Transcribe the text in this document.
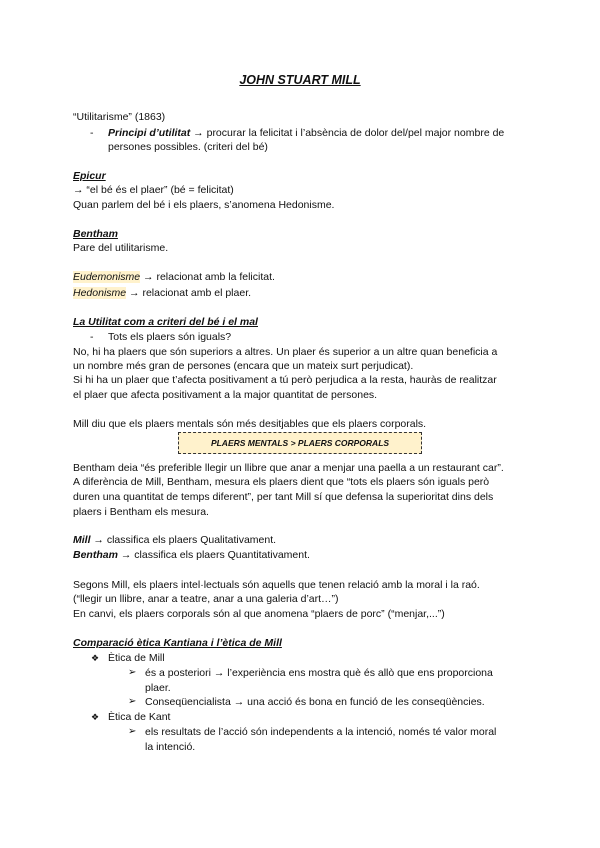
JOHN STUART MILL
“Utilitarisme” (1863)
- Principi d’utilitat → procurar la felicitat i l’absència de dolor del/pel major nombre de
persones possibles. (criteri del bé)
Epicur
→ “el bé és el plaer” (bé = felicitat)
Quan parlem del bé i els plaers, s’anomena Hedonisme.
Bentham
Pare del utilitarisme.
Eudemonisme → relacionat amb la felicitat.
Hedonisme → relacionat amb el plaer.
La Utilitat com a criteri del bé i el mal
- Tots els plaers són iguals?
No, hi ha plaers que són superiors a altres. Un plaer és superior a un altre quan beneficia a
un nombre més gran de persones (encara que un mateix surt perjudicat).
Si hi ha un plaer que t’afecta positivament a tú però perjudica a la resta, hauràs de realitzar
el plaer que afecta positivament a la major quantitat de persones.
Mill diu que els plaers mentals són més desitjables que els plaers corporals.
PLAERS MENTALS > PLAERS CORPORALS
Bentham deia “és preferible llegir un llibre que anar a menjar una paella a un restaurant car”.
A diferència de Mill, Bentham, mesura els plaers dient que “tots els plaers són iguals però
duren una quantitat de temps diferent”, per tant Mill sí que defensa la superioritat dins dels
plaers i Bentham els mesura.
Mill → classifica els plaers Qualitativament.
Bentham → classifica els plaers Quantitativament.
Segons Mill, els plaers intel·lectuals són aquells que tenen relació amb la moral i la raó.
(“llegir un llibre, anar a teatre, anar a una galeria d’art…”)
En canvi, els plaers corporals són al que anomena “plaers de porc” (“menjar,...”)
Comparació ètica Kantiana i l’ètica de Mill
❖ Ètica de Mill
➢ és a posteriori → l’experiència ens mostra què és allò que ens proporciona
plaer.
➢ Conseqüencialista → una acció és bona en funció de les conseqüències.
❖ Ètica de Kant
➢ els resultats de l’acció són independents a la intenció, només té valor moral
la intenció.
